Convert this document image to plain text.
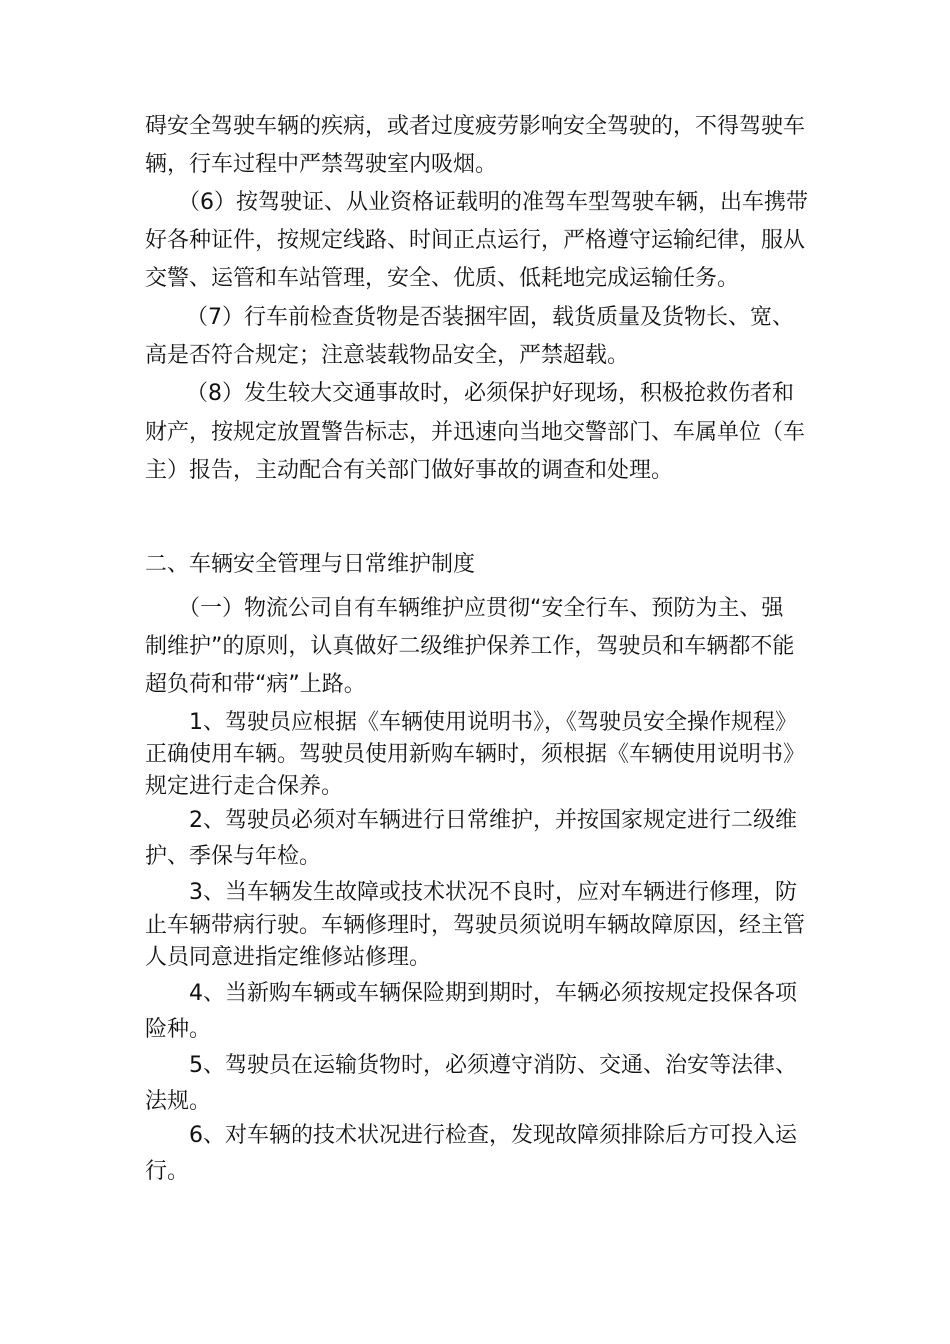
碍安全驾驶车辆的疾病，或者过度疲劳影响安全驾驶的，不得驾驶车
辆，行车过程中严禁驾驶室内吸烟。
（6）按驾驶证、从业资格证载明的准驾车型驾驶车辆，出车携带
好各种证件，按规定线路、时间正点运行，严格遵守运输纪律，服从
交警、运管和车站管理，安全、优质、低耗地完成运输任务。
（7）行车前检查货物是否装捆牢固，载货质量及货物长、宽、
高是否符合规定；注意装载物品安全，严禁超载。
（8）发生较大交通事故时，必须保护好现场，积极抢救伤者和
财产，按规定放置警告标志，并迅速向当地交警部门、车属单位（车
主）报告，主动配合有关部门做好事故的调查和处理。
二、车辆安全管理与日常维护制度
（一）物流公司自有车辆维护应贯彻“安全行车、预防为主、强
制维护”的原则，认真做好二级维护保养工作，驾驶员和车辆都不能
超负荷和带“病”上路。
1、驾驶员应根据《车辆使用说明书》，《驾驶员安全操作规程》
正确使用车辆。驾驶员使用新购车辆时，须根据《车辆使用说明书》
规定进行走合保养。
2、驾驶员必须对车辆进行日常维护，并按国家规定进行二级维
护、季保与年检。
3、当车辆发生故障或技术状况不良时，应对车辆进行修理，防
止车辆带病行驶。车辆修理时，驾驶员须说明车辆故障原因，经主管
人员同意进指定维修站修理。
4、当新购车辆或车辆保险期到期时，车辆必须按规定投保各项
险种。
5、驾驶员在运输货物时，必须遵守消防、交通、治安等法律、
法规。
6、对车辆的技术状况进行检查，发现故障须排除后方可投入运
行。
